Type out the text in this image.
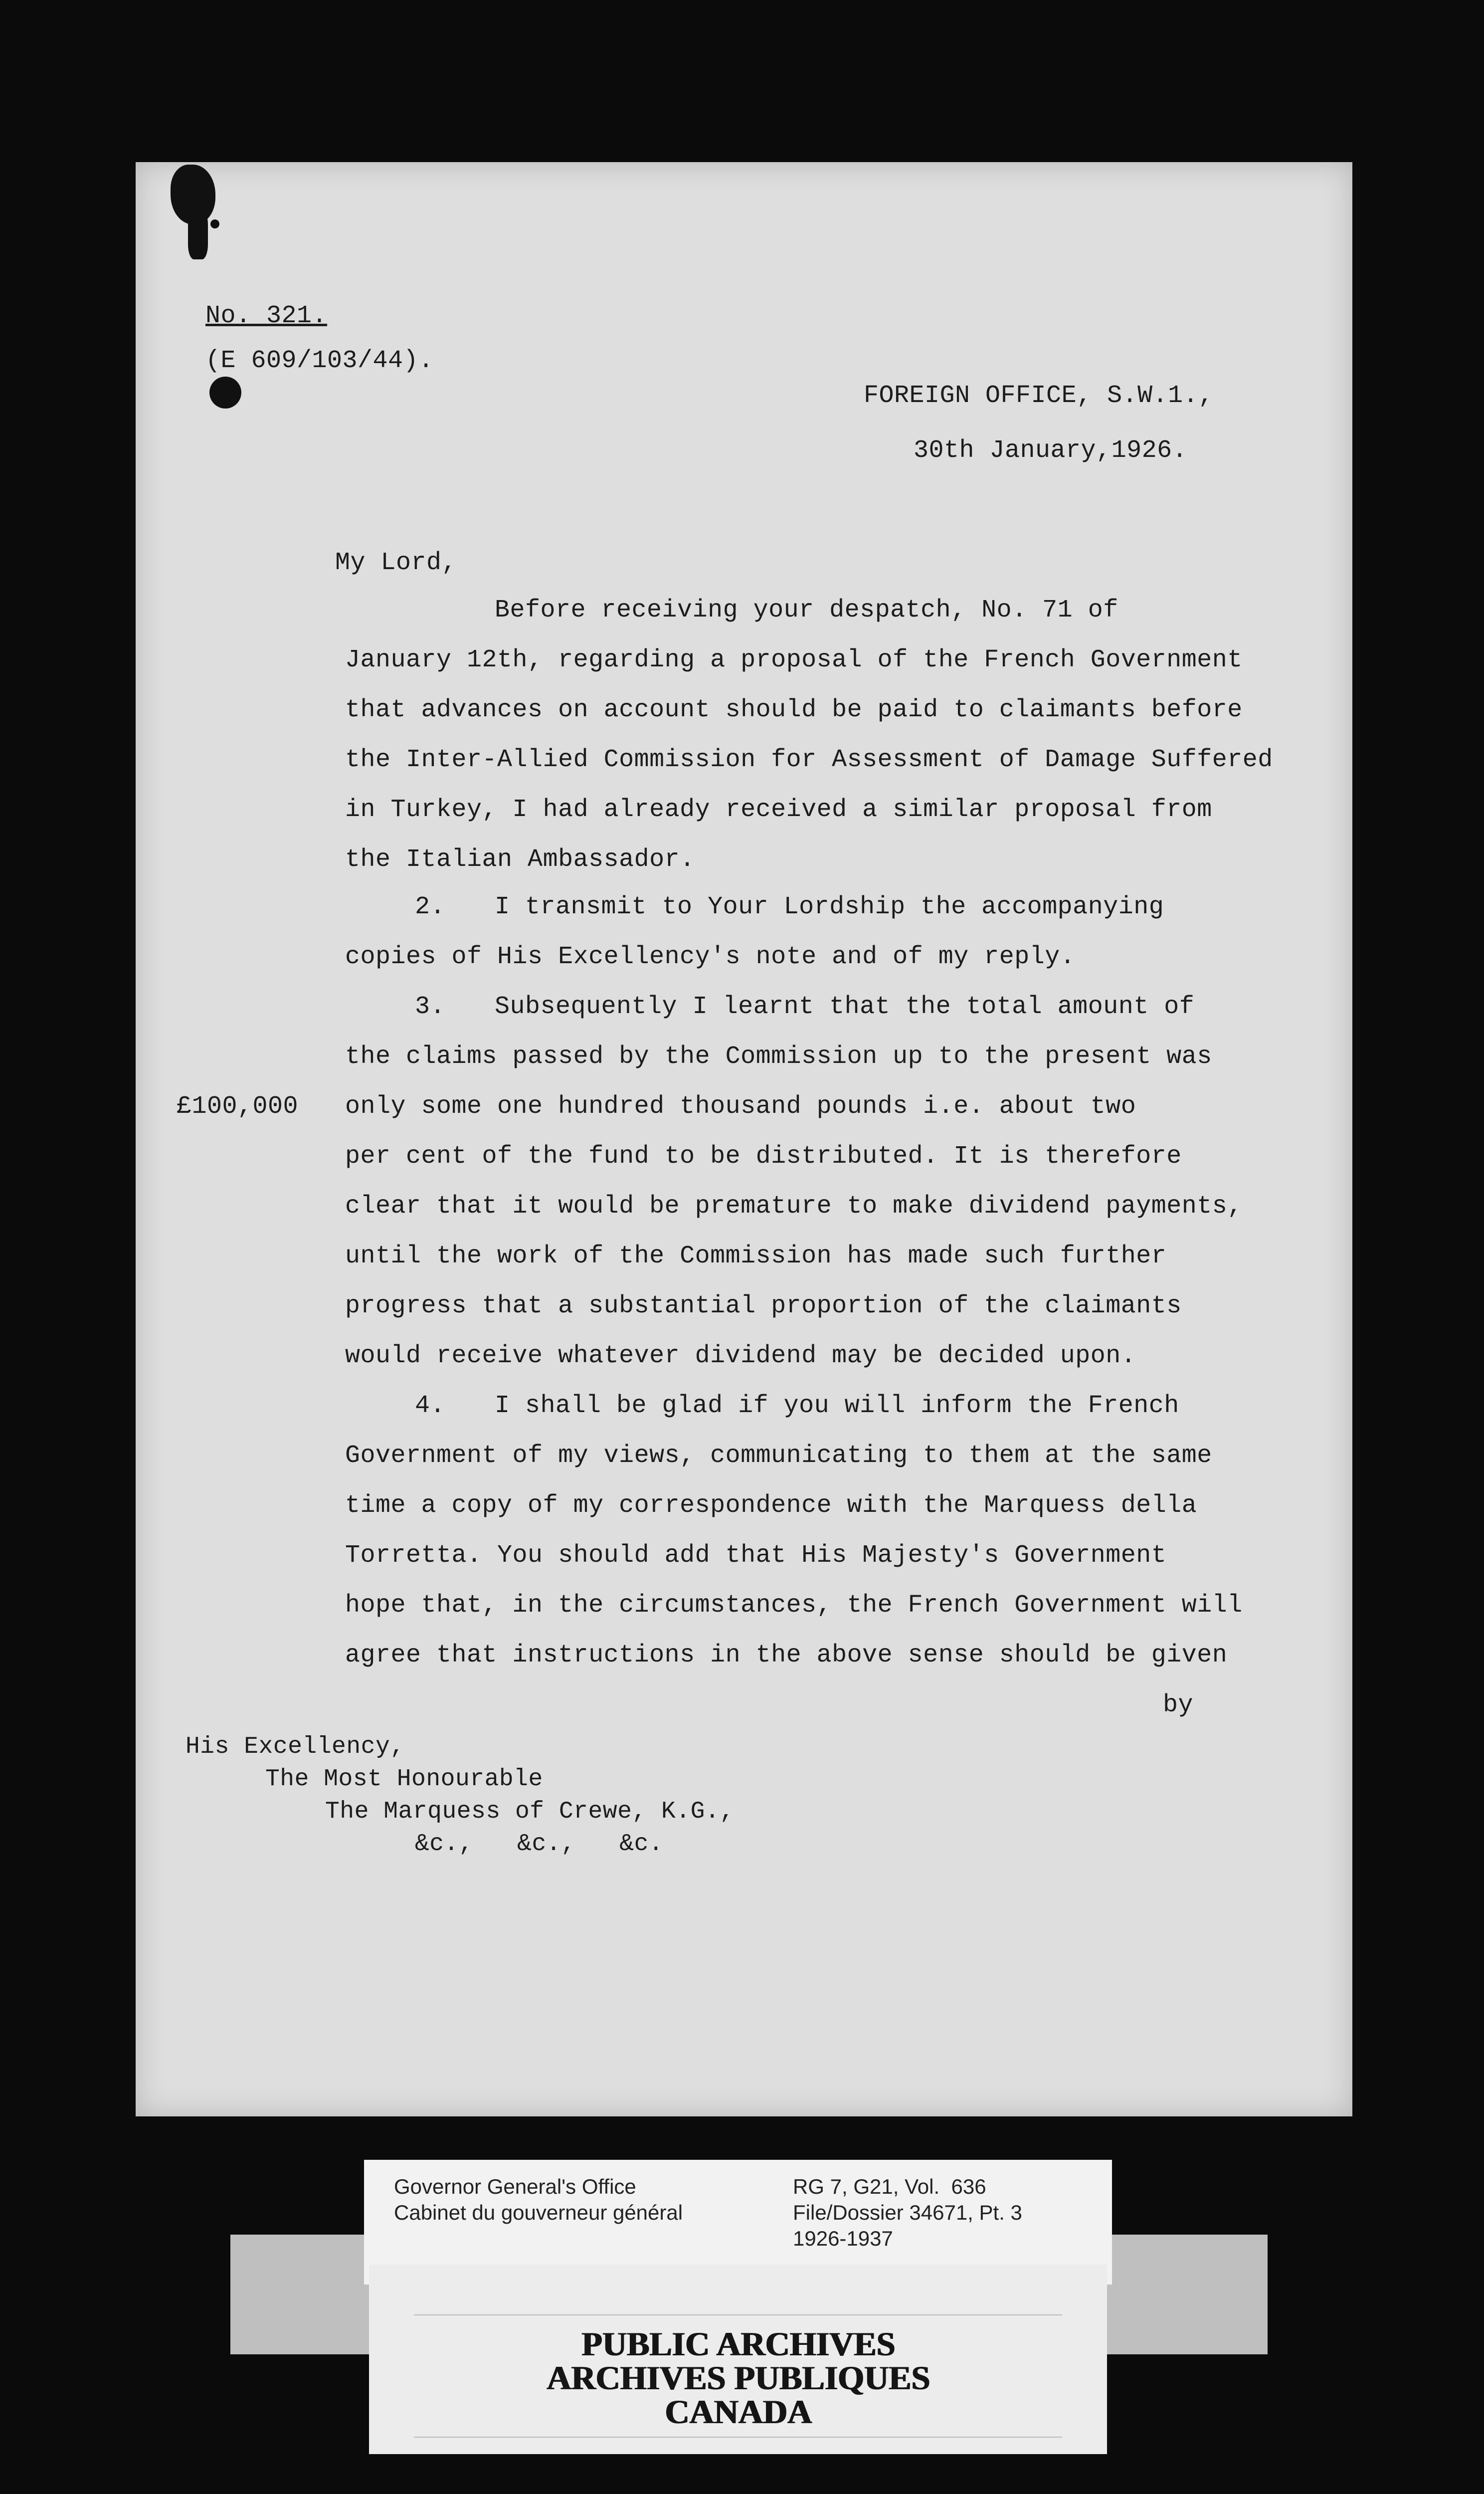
No. 321.
(E 609/103/44).
FOREIGN OFFICE, S.W.1.,
30th January,1926.
My Lord,
Before receiving your despatch, No. 71 of
January 12th, regarding a proposal of the French Government
that advances on account should be paid to claimants before
the Inter-Allied Commission for Assessment of Damage Suffered
in Turkey, I had already received a similar proposal from
the Italian Ambassador.
2. I transmit to Your Lordship the accompanying
copies of His Excellency's note and of my reply.
3. Subsequently I learnt that the total amount of
the claims passed by the Commission up to the present was
£100,000 only some one hundred thousand pounds i.e. about two
per cent of the fund to be distributed. It is therefore
clear that it would be premature to make dividend payments,
until the work of the Commission has made such further
progress that a substantial proportion of the claimants
would receive whatever dividend may be decided upon.
4. I shall be glad if you will inform the French
Government of my views, communicating to them at the same
time a copy of my correspondence with the Marquess della
Torretta. You should add that His Majesty's Government
hope that, in the circumstances, the French Government will
agree that instructions in the above sense should be given
by
His Excellency,
The Most Honourable
The Marquess of Crewe, K.G.,
&c.,   &c.,   &c.
Governor General's Office
Cabinet du gouverneur général
RG 7, G21, Vol.  636
File/Dossier 34671, Pt. 3
1926-1937
PUBLIC ARCHIVES
ARCHIVES PUBLIQUES
CANADA
